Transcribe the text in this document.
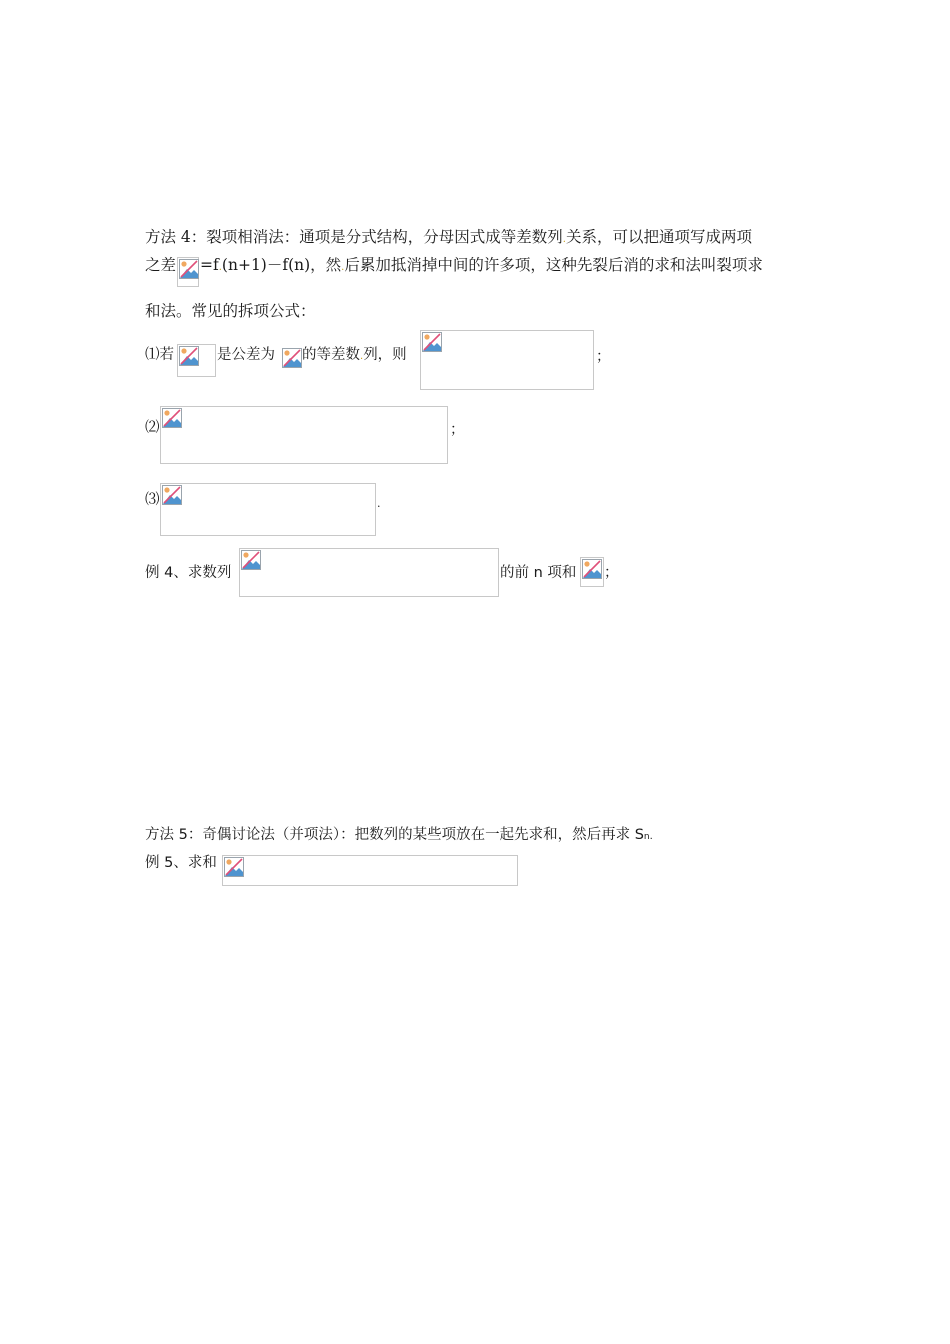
方法 4：裂项相消法：通项是分式结构，分母因式成等差数列.关系，可以把通项写成两项
之差 =f.(n+1)－f(n)，然.后累加抵消掉中间的许多项，这种先裂后消的求和法叫裂项求
和法。常见的拆项公式：
⑴若	是公差为 的等差数.列，则	；
⑵	；
⑶	.
例 4、求数列	的前 n 项和 ；
方法 5：奇偶讨论法（并项法）：把数列的某些项放在一起先求和，然后再求 Sn.
例 5、求和
